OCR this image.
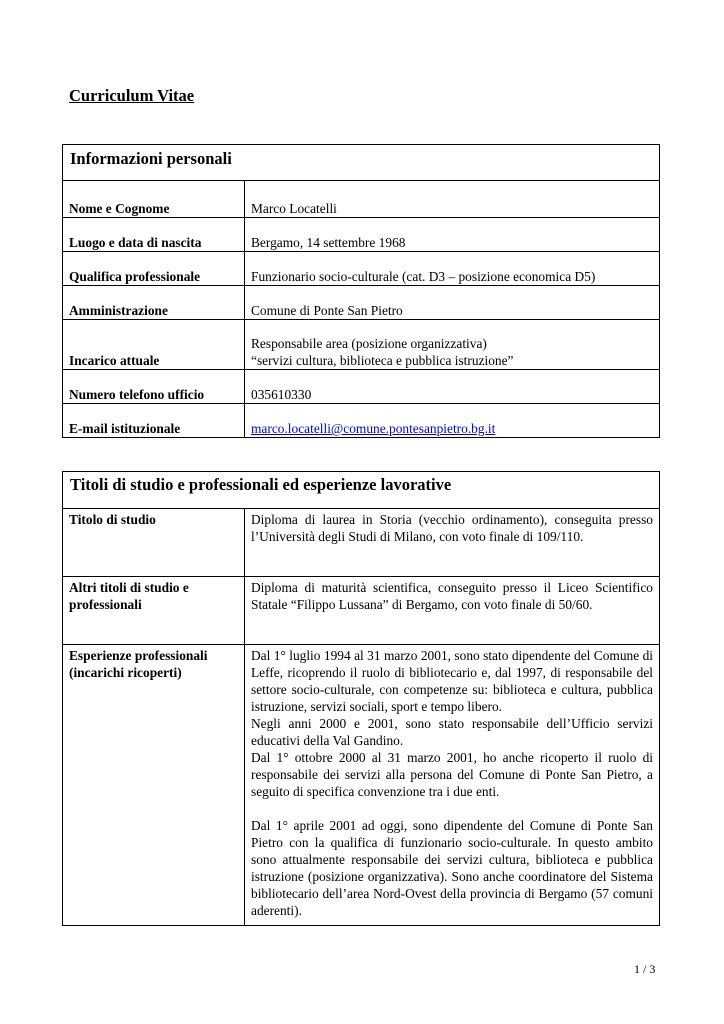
Curriculum Vitae
Informazioni personali	
Nome e Cognome	Marco Locatelli
Luogo e data di nascita	Bergamo, 14 settembre 1968
Qualifica professionale	Funzionario socio-culturale (cat. D3 – posizione economica D5)
Amministrazione	Comune di Ponte San Pietro
Incarico attuale	Responsabile area (posizione organizzativa)
“servizi cultura, biblioteca e pubblica istruzione”

Numero telefono ufficio	035610330
E-mail istituzionale	marco.locatelli@comune.pontesanpietro.bg.it
Titoli di studio e professionali ed esperienze lavorative	
Titolo di studio	Diploma di laurea in Storia (vecchio ordinamento), conseguita presso l’Università degli Studi di Milano, con voto finale di 109/110.
Altri titoli di studio e professionali	Diploma di maturità scientifica, conseguito presso il Liceo Scientifico Statale “Filippo Lussana” di Bergamo, con voto finale di 50/60.
Esperienze professionali (incarichi ricoperti)	Dal 1° luglio 1994 al 31 marzo 2001, sono stato dipendente del Comune di Leffe, ricoprendo il ruolo di bibliotecario e, dal 1997, di responsabile del settore socio-culturale, con competenze su: biblioteca e cultura, pubblica istruzione, servizi sociali, sport e tempo libero.

Negli anni 2000 e 2001, sono stato responsabile dell’Ufficio servizi educativi della Val Gandino.

Dal 1° ottobre 2000 al 31 marzo 2001, ho anche ricoperto il ruolo di responsabile dei servizi alla persona del Comune di Ponte San Pietro, a seguito di specifica convenzione tra i due enti.

Dal 1° aprile 2001 ad oggi, sono dipendente del Comune di Ponte San Pietro con la qualifica di funzionario socio-culturale. In questo ambito sono attualmente responsabile dei servizi cultura, biblioteca e pubblica istruzione (posizione organizzativa). Sono anche coordinatore del Sistema bibliotecario dell’area Nord-Ovest della provincia di Bergamo (57 comuni aderenti).

1 / 3
